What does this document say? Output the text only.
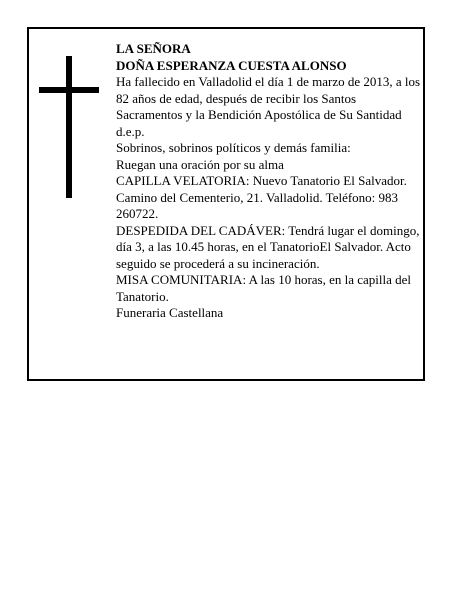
LA SEÑORA

DOÑA ESPERANZA CUESTA ALONSO

Ha fallecido en Valladolid el día 1 de marzo de 2013, a los 82 años de edad, después de recibir los Santos Sacramentos y la Bendición Apostólica de Su Santidad d.e.p.

Sobrinos, sobrinos políticos y demás familia:

Ruegan una oración por su alma

CAPILLA VELATORIA: Nuevo Tanatorio El Salvador. Camino del Cementerio, 21. Valladolid. Teléfono: 983 260722.

DESPEDIDA DEL CADÁVER: Tendrá lugar el domingo, día 3, a las 10.45 horas, en el TanatorioEl Salvador. Acto seguido se procederá a su incineración.

MISA COMUNITARIA: A las 10 horas, en la capilla del Tanatorio.

Funeraria Castellana
